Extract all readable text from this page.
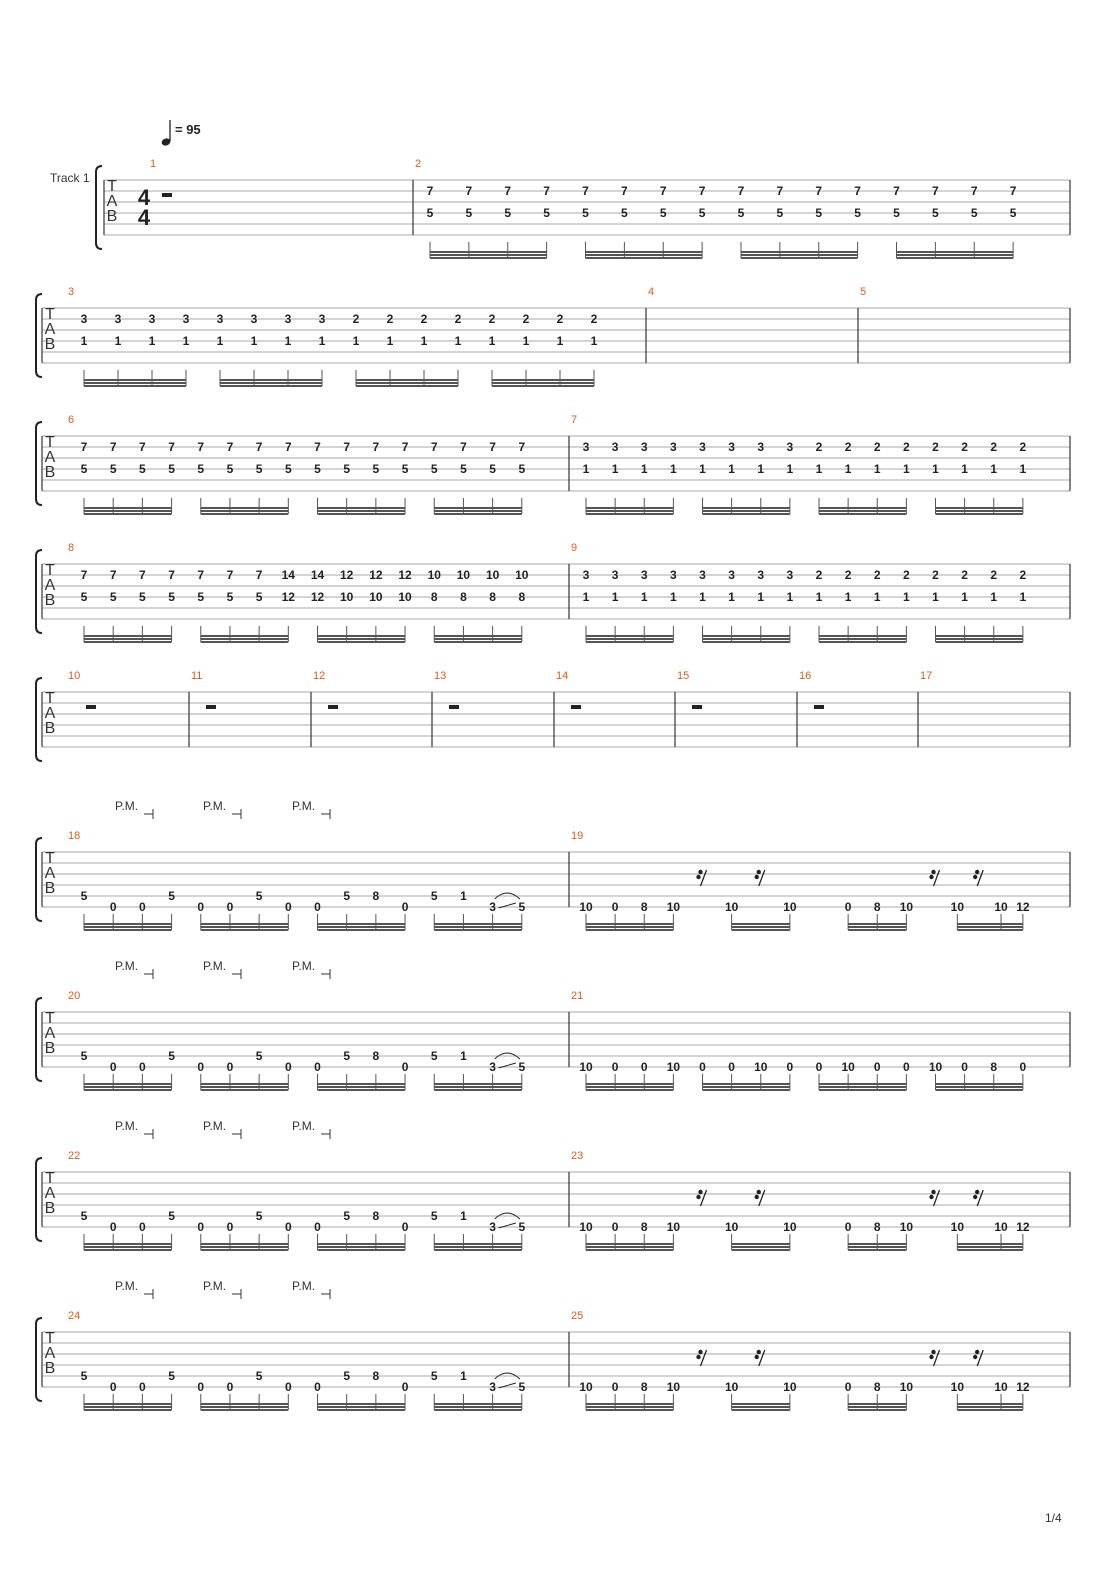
= 95
Track 1 T
A
B
4
4
1	2
7
5
7
5
7
5
7
5
7
5
7
5
7
5
7
5
7
5
7
5
7
5
7
5
7
5
7
5
7
5
7
5
T
A
B
3
3
1
3
1
3
1
3
1
3
1
3
1
3
1
3
1
2
1
2
1
2
1
2
1
2
1
2
1
2
1
2
1
4	5
T
A
B
6
7
5
7
5
7
5
7
5
7
5
7
5
7
5
7
5
7
5
7
5
7
5
7
5
7
5
7
5
7
5
7
5
7
3
1
3
1
3
1
3
1
3
1
3
1
3
1
3
1
2
1
2
1
2
1
2
1
2
1
2
1
2
1
2
1
T
A
B
8
7
5
7
5
7
5
7
5
7
5
7
5
7
5
14
12
14
12
12
10
12
10
12
10
10
8
10
8
10
8
10
8
9
3
1
3
1
3
1
3
1
3
1
3
1
3
1
3
1
2
1
2
1
2
1
2
1
2
1
2
1
2
1
2
1
T
A
B
10	11	12	13	14	15	16	17
T
A
B
P.M.	P.M.	P.M.
18
5
0 0
5
0 0
5
0 0
5 8
0
5 1
3 5
19
10 0 8 10	10	10	0 8 10	10	10 12
T
A
B
P.M.	P.M.	P.M.
20
5
0 0
5
0 0
5
0 0
5 8
0
5 1
3 5
21
10 0 0 10 0 0 10 0 0 10 0 0 10 0 8 0
T
A
B
P.M.	P.M.	P.M.
22
5
0 0
5
0 0
5
0 0
5 8
0
5 1
3 5
23
10 0 8 10	10	10	0 8 10	10	10 12
T
A
B
P.M.	P.M.	P.M.
24
5
0 0
5
0 0
5
0 0
5 8
0
5 1
3 5
25
10 0 8 10	10	10	0 8 10	10	10 12
1/4
